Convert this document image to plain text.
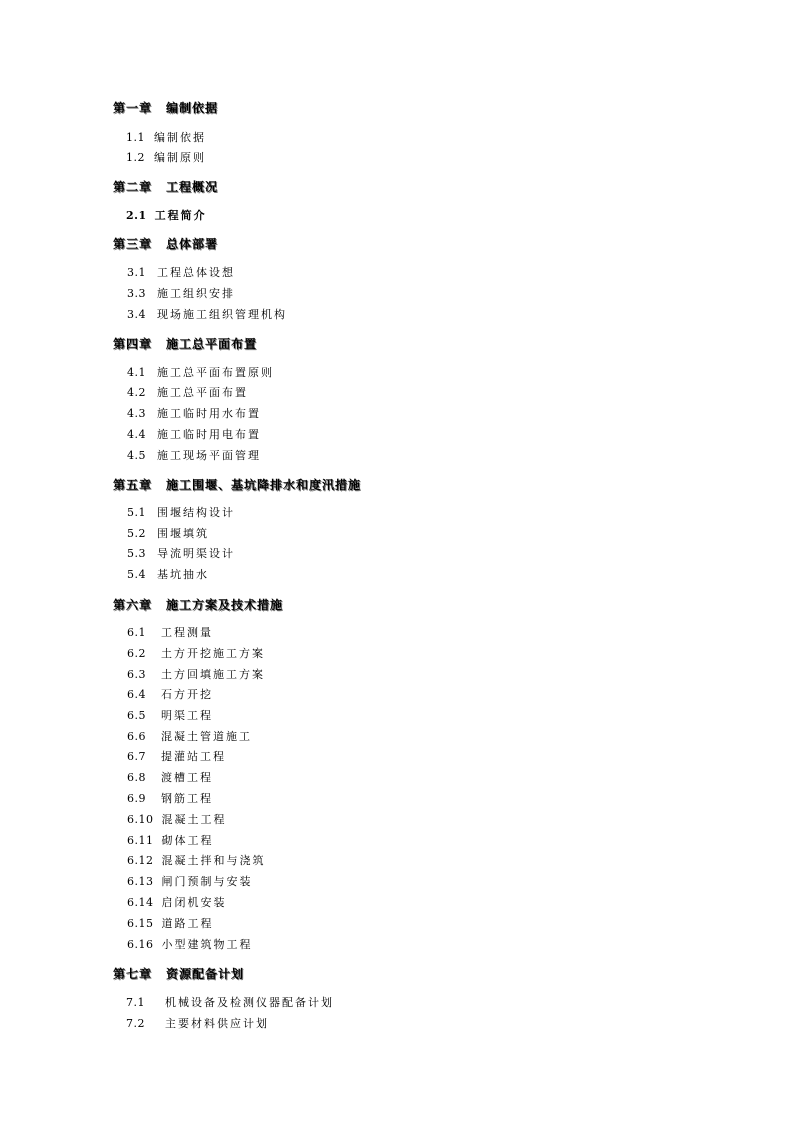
第一章 编制依据
1.1 编制依据
1.2 编制原则
第二章 工程概况
2.1 工程简介
第三章 总体部署
3.1 工程总体设想
3.3 施工组织安排
3.4 现场施工组织管理机构
第四章 施工总平面布置
4.1 施工总平面布置原则
4.2 施工总平面布置
4.3 施工临时用水布置
4.4 施工临时用电布置
4.5 施工现场平面管理
第五章 施工围堰、基坑降排水和度汛措施
5.1 围堰结构设计
5.2 围堰填筑
5.3 导流明渠设计
5.4 基坑抽水
第六章 施工方案及技术措施
6.1 工程测量
6.2 土方开挖施工方案
6.3 土方回填施工方案
6.4 石方开挖
6.5 明渠工程
6.6 混凝土管道施工
6.7 提灌站工程
6.8 渡槽工程
6.9 钢筋工程
6.10 混凝土工程
6.11 砌体工程
6.12 混凝土拌和与浇筑
6.13 闸门预制与安装
6.14 启闭机安装
6.15 道路工程
6.16 小型建筑物工程
第七章 资源配备计划
7.1 机械设备及检测仪器配备计划
7.2 主要材料供应计划
